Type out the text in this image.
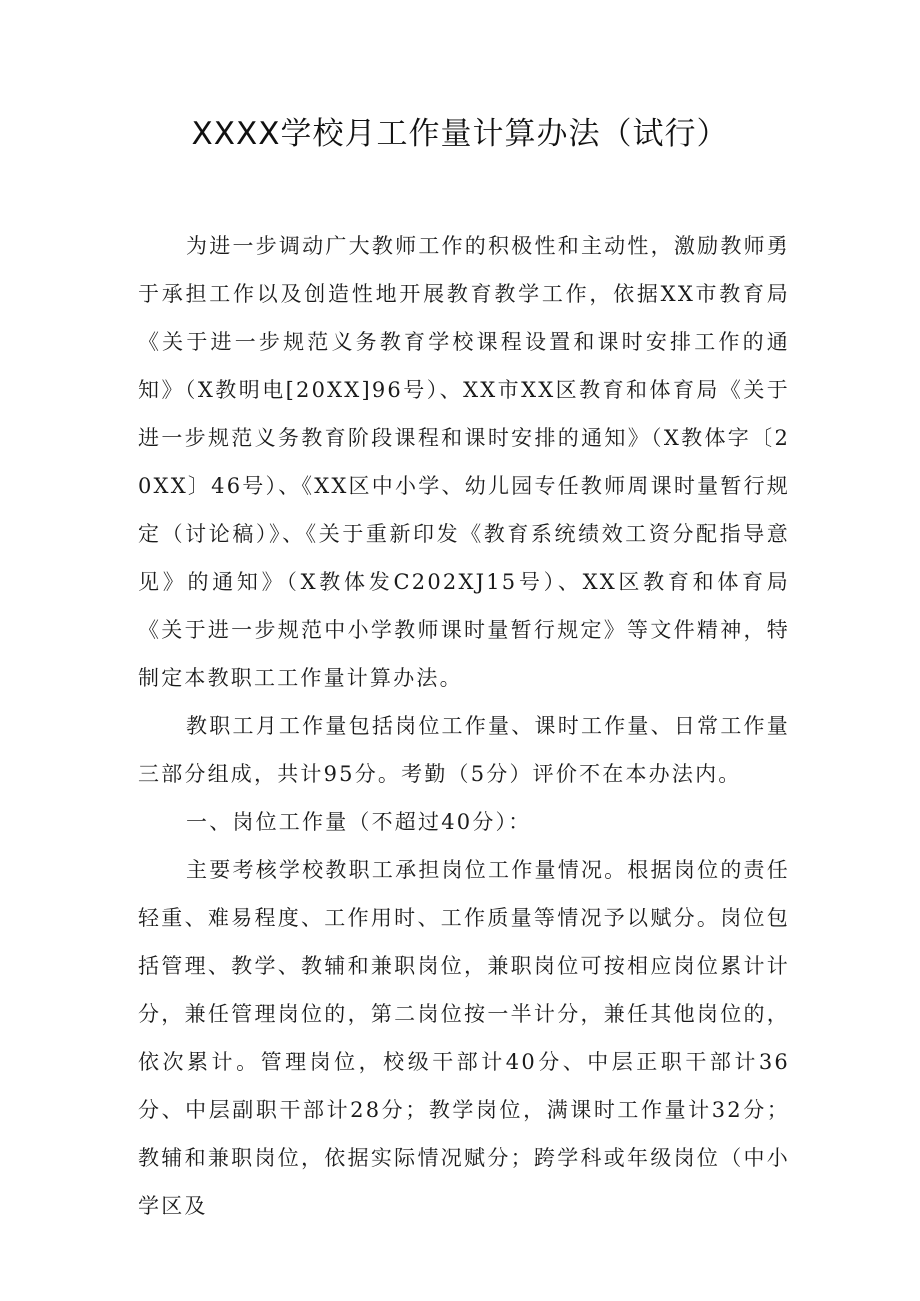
XXXX学校月工作量计算办法（试行）

为进一步调动广大教师工作的积极性和主动性，激励教师勇于承担工作以及创造性地开展教育教学工作，依据XX市教育局《关于进一步规范义务教育学校课程设置和课时安排工作的通知》（X教明电[20XX]96号）、XX市XX区教育和体育局《关于进一步规范义务教育阶段课程和课时安排的通知》（X教体字〔20XX〕46号）、《XX区中小学、幼儿园专任教师周课时量暂行规定（讨论稿）》、《关于重新印发《教育系统绩效工资分配指导意见》的通知》（X教体发C202XJ15号）、XX区教育和体育局《关于进一步规范中小学教师课时量暂行规定》等文件精神，特制定本教职工工作量计算办法。

教职工月工作量包括岗位工作量、课时工作量、日常工作量三部分组成，共计95分。考勤（5分）评价不在本办法内。

一、岗位工作量（不超过40分）：

主要考核学校教职工承担岗位工作量情况。根据岗位的责任轻重、难易程度、工作用时、工作质量等情况予以赋分。岗位包括管理、教学、教辅和兼职岗位，兼职岗位可按相应岗位累计计分，兼任管理岗位的，第二岗位按一半计分，兼任其他岗位的，依次累计。管理岗位，校级干部计40分、中层正职干部计36分、中层副职干部计28分；教学岗位，满课时工作量计32分；教辅和兼职岗位，依据实际情况赋分；跨学科或年级岗位（中小学区及
